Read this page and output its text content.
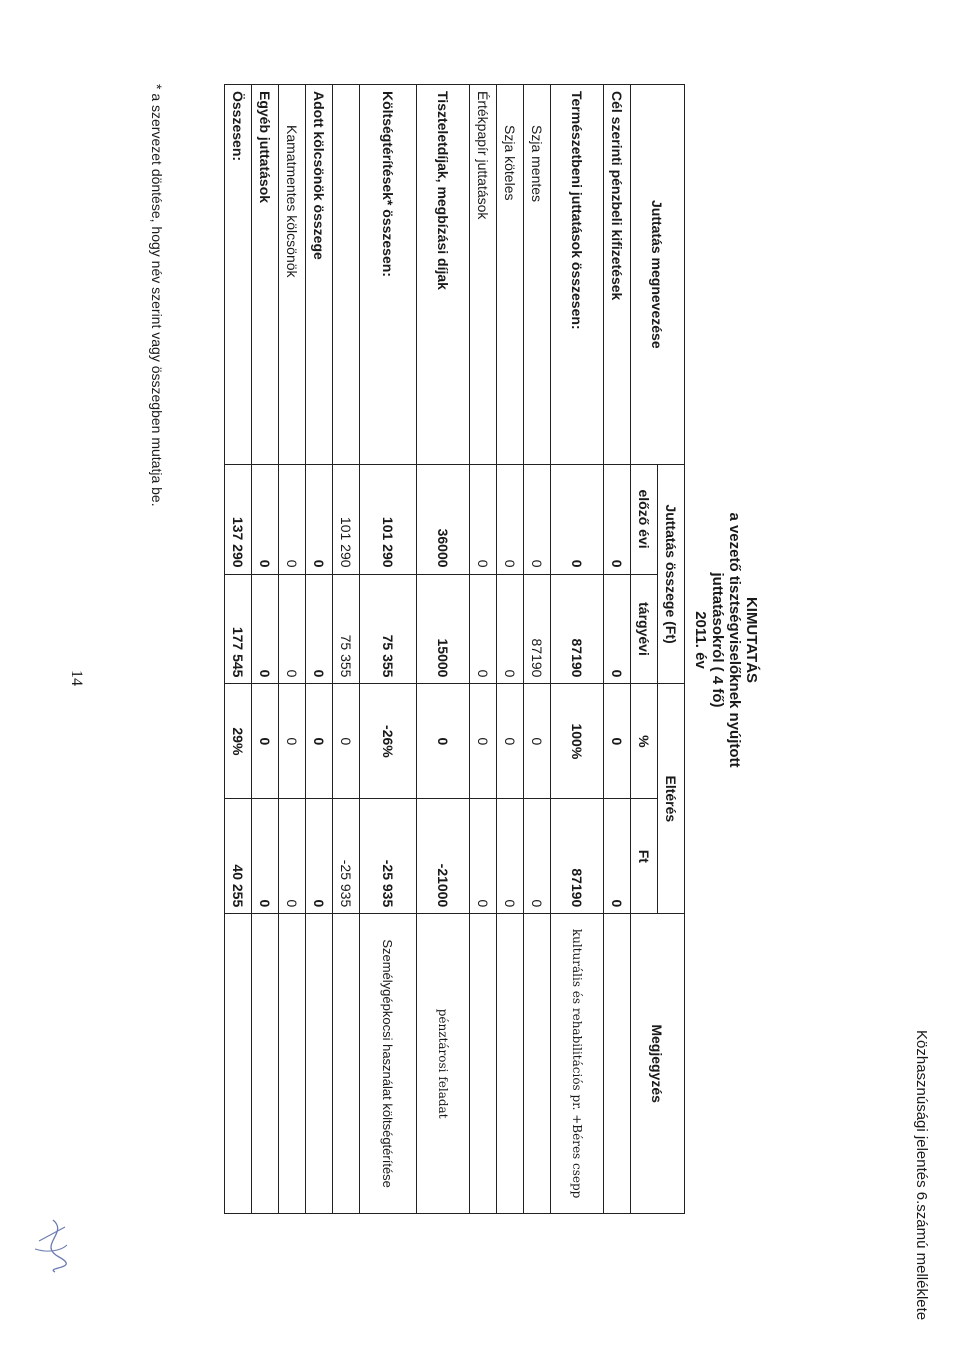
Közhasznúsági jelentés 6.számú melléklete
KIMUTATÁS
a vezető tisztségviselőknek nyújtott
juttatásokról ( 4 fő)
2011. év
Juttatás megnevezése	Juttatás összege (Ft)		Eltérés		Megjegyzés
	előző évi	tárgyévi	%	Ft	
Cél szerinti pénzbeli kifizetések	0	0	0	0	
Természetbeni juttatások összesen:	0	87190	100%	87190	kulturális és rehabilitációs pr. +Béres csepp
Szja mentes	0	87190	0	0	
Szja köteles	0	0	0	0	
Értékpapír juttatások	0	0	0	0	
Tiszteletdíjak, megbízási díjak	36000	15000	0	-21000	pénztárosi feladat
Költségtérítések* összesen:	101 290	75 355	-26%	-25 935	Személygépkocsi használat költségtérítése
	101 290	75 355	0	-25 935	
Adott kölcsönök összege	0	0	0	0	
Kamatmentes kölcsönök	0	0	0	0	
Egyéb juttatások	0	0	0	0	
Összesen:	137 290	177 545	29%	40 255	
* a szervezet döntése, hogy név szerint vagy összegben mutatja be.
14
